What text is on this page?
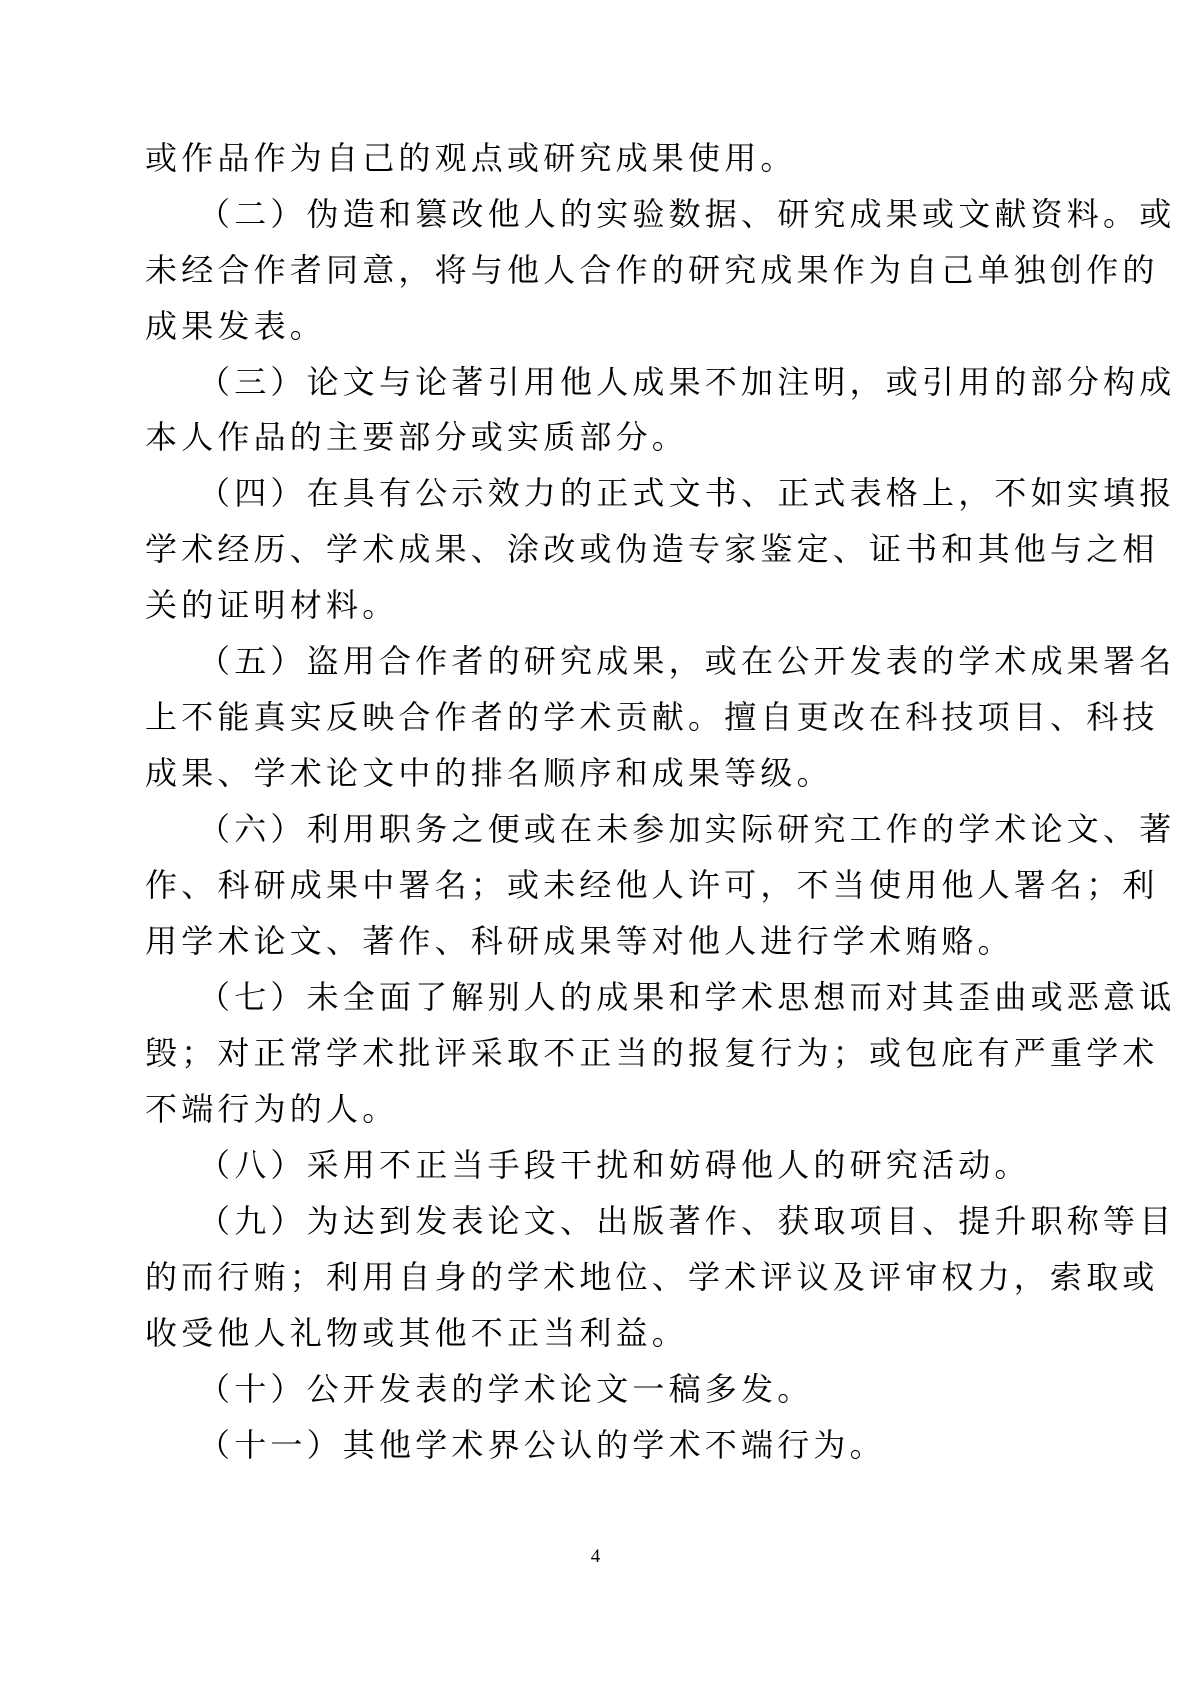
或作品作为自己的观点或研究成果使用。
（二）伪造和篡改他人的实验数据、研究成果或文献资料。或
未经合作者同意，将与他人合作的研究成果作为自己单独创作的
成果发表。
（三）论文与论著引用他人成果不加注明，或引用的部分构成
本人作品的主要部分或实质部分。
（四）在具有公示效力的正式文书、正式表格上，不如实填报
学术经历、学术成果、涂改或伪造专家鉴定、证书和其他与之相
关的证明材料。
（五）盗用合作者的研究成果，或在公开发表的学术成果署名
上不能真实反映合作者的学术贡献。擅自更改在科技项目、科技
成果、学术论文中的排名顺序和成果等级。
（六）利用职务之便或在未参加实际研究工作的学术论文、著
作、科研成果中署名；或未经他人许可，不当使用他人署名；利
用学术论文、著作、科研成果等对他人进行学术贿赂。
（七）未全面了解别人的成果和学术思想而对其歪曲或恶意诋
毁；对正常学术批评采取不正当的报复行为；或包庇有严重学术
不端行为的人。
（八）采用不正当手段干扰和妨碍他人的研究活动。
（九）为达到发表论文、出版著作、获取项目、提升职称等目
的而行贿；利用自身的学术地位、学术评议及评审权力，索取或
收受他人礼物或其他不正当利益。
（十）公开发表的学术论文一稿多发。
（十一）其他学术界公认的学术不端行为。
4
